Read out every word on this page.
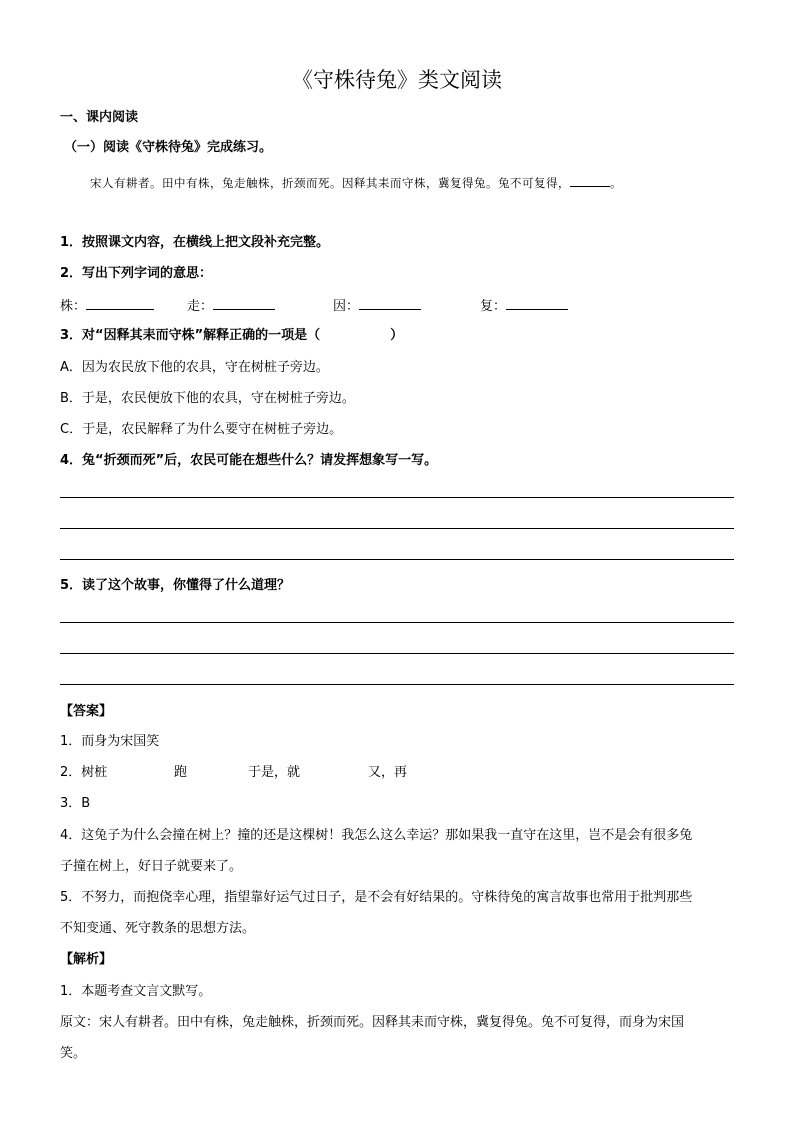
《守株待兔》类文阅读
一、课内阅读
（一）阅读《守株待兔》完成练习。
宋人有耕者。田中有株，兔走触株，折颈而死。因释其耒而守株，冀复得兔。兔不可复得，	。
1．按照课文内容，在横线上把文段补充完整。
2．写出下列字词的意思：
株：	走：	因：	复：
3．对“因释其耒而守株”解释正确的一项是（	）
A．因为农民放下他的农具，守在树桩子旁边。
B．于是，农民便放下他的农具，守在树桩子旁边。
C．于是，农民解释了为什么要守在树桩子旁边。
4．兔“折颈而死”后，农民可能在想些什么？请发挥想象写一写。
5．读了这个故事，你懂得了什么道理？
【答案】
1．而身为宋国笑
2．树桩	跑	于是，就	又，再
3．B
4．这兔子为什么会撞在树上？撞的还是这棵树！我怎么这么幸运？那如果我一直守在这里，岂不是会有很多兔
子撞在树上，好日子就要来了。
5．不努力，而抱侥幸心理，指望靠好运气过日子，是不会有好结果的。守株待兔的寓言故事也常用于批判那些
不知变通、死守教条的思想方法。
【解析】
1．本题考查文言文默写。
原文：宋人有耕者。田中有株，兔走触株，折颈而死。因释其耒而守株，冀复得兔。兔不可复得，而身为宋国
笑。
